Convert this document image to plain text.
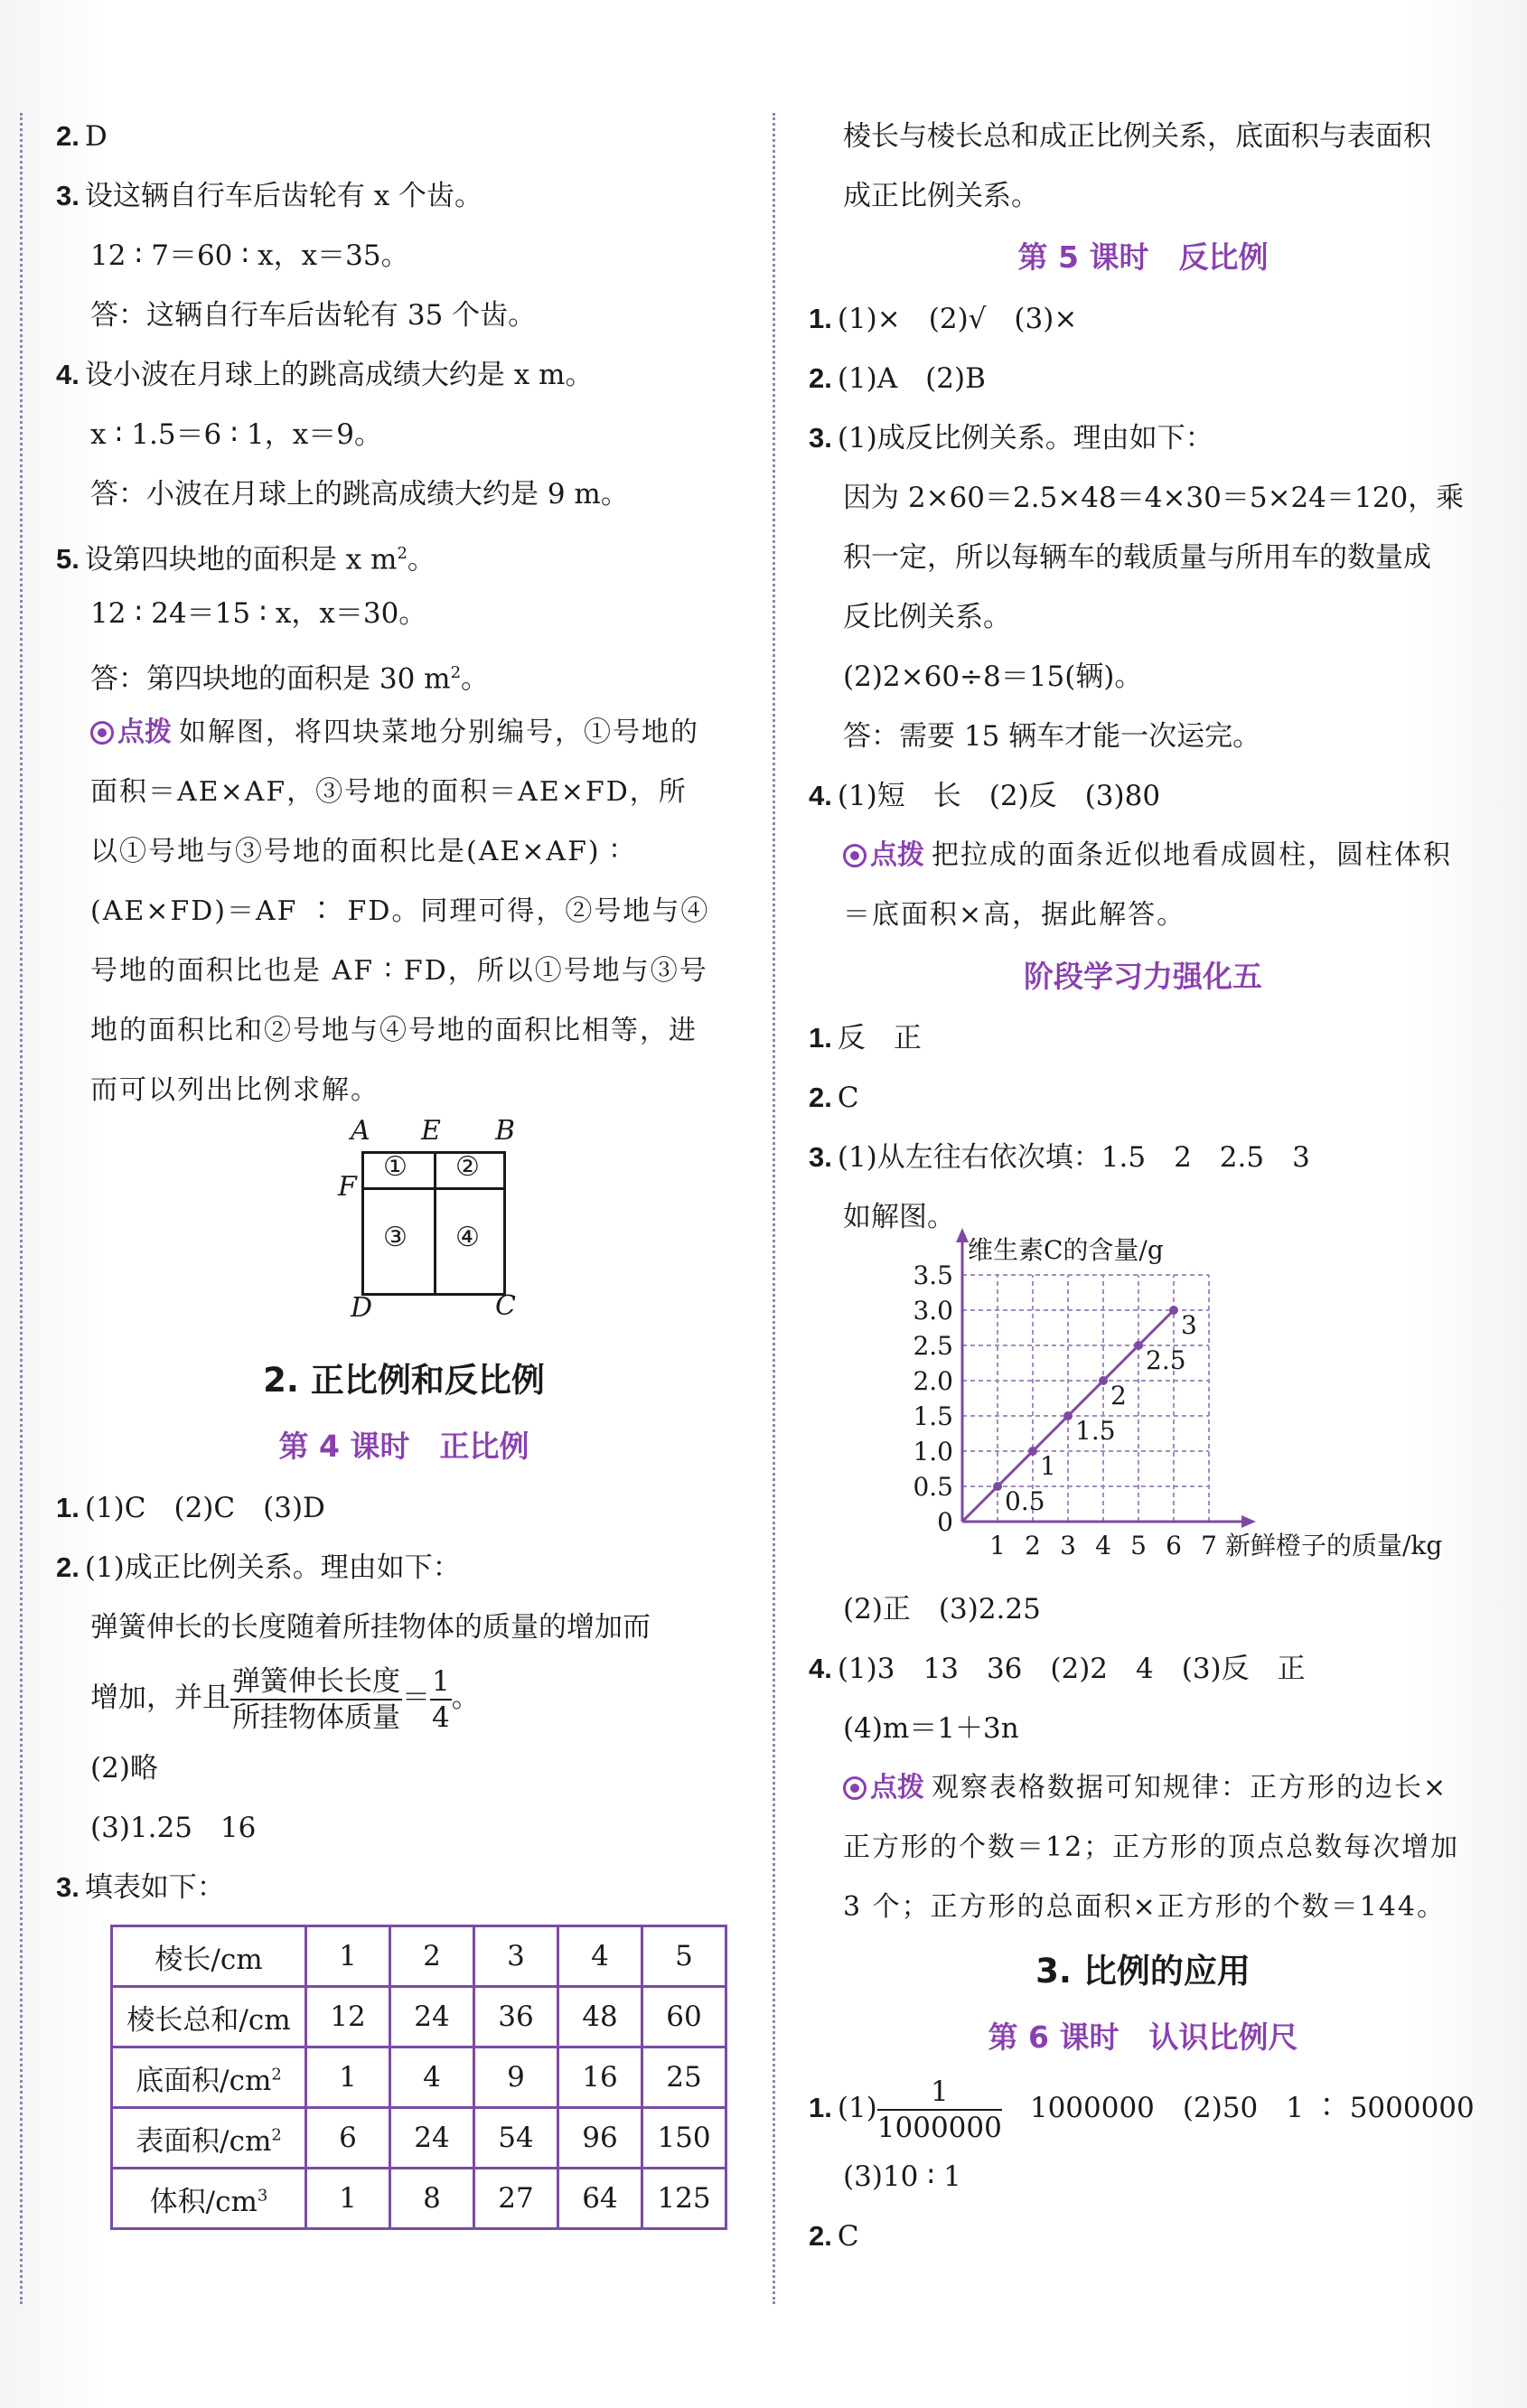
2. D
3. 设这辆自行车后齿轮有 x 个齿。
12 ∶ 7＝60 ∶ x，x＝35。
答：这辆自行车后齿轮有 35 个齿。
4. 设小波在月球上的跳高成绩大约是 x m。
x ∶ 1.5＝6 ∶ 1，x＝9。
答：小波在月球上的跳高成绩大约是 9 m。
5. 设第四块地的面积是 x $m^2$。
12 ∶ 24＝15 ∶ x，x＝30。
答：第四块地的面积是 30 $m^2$。
点拨 如解图，将四块菜地分别编号，①号地的
面积＝AE×AF，③号地的面积＝AE×FD，所
以①号地与③号地的面积比是(AE×AF) ∶
(AE×FD)＝AF ∶ FD。同理可得，②号地与④
号地的面积比也是 AF ∶ FD，所以①号地与③号
地的面积比和②号地与④号地的面积比相等，进
而可以列出比例求解。
A E B
F
D	C
① ②
③ ④
2. 正比例和反比例
第 4 课时　正比例
1. (1)C　(2)C　(3)D
2. (1)成正比例关系。理由如下：
弹簧伸长的长度随着所挂物体的质量的增加而
增加，并且 $\frac{\text{弹簧伸长长度}}{\text{所挂物体质量}} = \frac{1}{4}$ 。
(2)略
(3)1.25　16
3. 填表如下：
棱长/cm	1	2	3	4	5
棱长总和/cm	12	24	36	48	60
底面积$/cm^2$	1	4	9	16	25
表面积$/cm^2$	6	24	54	96	150
体积$/cm^3$	1	8	27	64	125
棱长与棱长总和成正比例关系，底面积与表面积
成正比例关系。
第 5 课时　反比例
1. (1)×　(2)√　(3)×
2. (1)A　(2)B
3. (1)成反比例关系。理由如下：
因为 2×60＝2.5×48＝4×30＝5×24＝120，乘
积一定，所以每辆车的载质量与所用车的数量成
反比例关系。
(2)2×60÷8＝15(辆)。
答：需要 15 辆车才能一次运完。
4. (1)短　长　(2)反　(3)80
点拨 把拉成的面条近似地看成圆柱，圆柱体积
＝底面积×高，据此解答。
阶段学习力强化五
1. 反　正
2. C
3. (1)从左往右依次填：1.5　2　2.5　3
如解图。
维生素C的含量/g
新鲜橙子的质量/kg
1 2 3 4 5 6 7
3.5
3.0
2.5
2.0
1.5
1.0
0.5
0
0.5
1
1.5
2
2.5
3
(2)正　(3)2.25
4. (1)3　13　36　(2)2　4　(3)反　正
(4)m＝1＋3n
点拨 观察表格数据可知规律：正方形的边长×
正方形的个数＝12；正方形的顶点总数每次增加
3 个；正方形的总面积×正方形的个数＝144。
3. 比例的应用
第 6 课时　认识比例尺
1. $(1) \frac{1}{1000000}$ 　1000000　(2)50　1 ∶ 5000000
(3)10 ∶ 1
2. C
